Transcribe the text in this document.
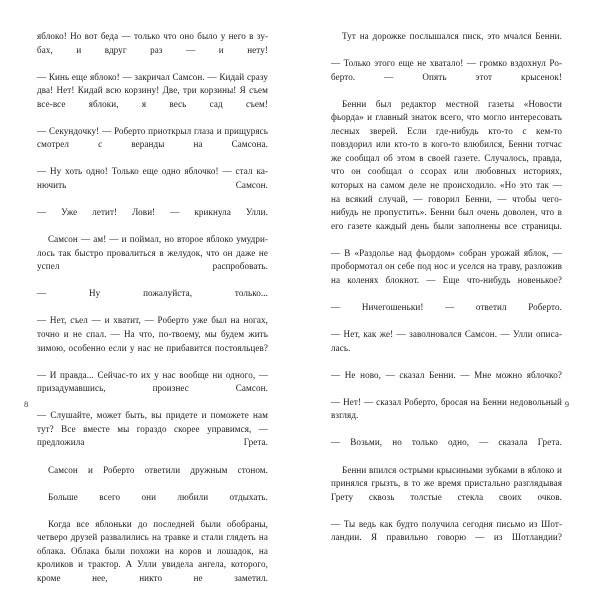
яблоко! Но вот беда — только что оно было у него в зубах, и вдруг раз — и нету!

— Кинь еще яблоко! — закричал Самсон. — Кидай сразу два! Нет! Кидай всю корзину! Две, три корзины! Я съем все-все яблоки, я весь сад съем!

— Секундочку! — Роберто приоткрыл глаза и прищурясь смотрел с веранды на Самсона.

— Ну хоть одно! Только еще одно яблочко! — стал канючить Самсон.

— Уже летит! Лови! — крикнула Улли.

Самсон — ам! — и поймал, но второе яблоко умудрилось так быстро провалиться в желудок, что он даже не успел распробовать.

— Ну пожалуйста, только...

— Нет, съел — и хватит, — Роберто уже был на ногах, точно и не спал. — На что, по-твоему, мы будем жить зимою, особенно если у нас не прибавится постояльцев?

— И правда... Сейчас-то их у нас вообще ни одного, — призадумавшись, произнес Самсон.

— Слушайте, может быть, вы придете и поможете нам тут? Все вместе мы гораздо скорее управимся, — предложила Грета.

Самсон и Роберто ответили дружным стоном.

Больше всего они любили отдыхать.

Когда все яблоньки до последней были обобраны, четверо друзей развалились на травке и стали глядеть на облака. Облака были похожи на коров и лошадок, на кроликов и трактор. А Улли увидела ангела, которого, кроме нее, никто не заметил.

8

Тут на дорожке послышался писк, это мчался Бенни.

— Только этого еще не хватало! — громко вздохнул Роберто. — Опять этот крысенок!

Бенни был редактор местной газеты «Новости фьорда» и главный знаток всего, что могло интересовать лесных зверей. Если где-нибудь кто-то с кем-то повздорил или кто-то в кого-то влюбился, Бенни тотчас же сообщал об этом в своей газете. Случалось, правда, что он сообщал о ссорах или любовных историях, которых на самом деле не происходило. «Но это так — на всякий случай, — говорил Бенни, — чтобы чего-нибудь не пропустить». Бенни был очень доволен, что в его газете каждый день были заполнены все страницы.

— В «Раздолье над фьордом» собран урожай яблок, — пробормотал он себе под нос и уселся на траву, разложив на коленях блокнот. — Еще что-нибудь новенькое?

— Ничегошеньки! — ответил Роберто.

— Нет, как же! — заволновался Самсон. — Улли описалась.

— Не ново, — сказал Бенни. — Мне можно яблочко?

— Нет! — сказал Роберто, бросая на Бенни недовольный взгляд.

— Возьми, но только одно, — сказала Грета.

Бенни впился острыми крысиными зубками в яблоко и принялся грызть, в то же время пристально разглядывая Грету сквозь толстые стекла своих очков.

— Ты ведь как будто получила сегодня письмо из Шотландии. Я правильно говорю — из Шотландии?

9
